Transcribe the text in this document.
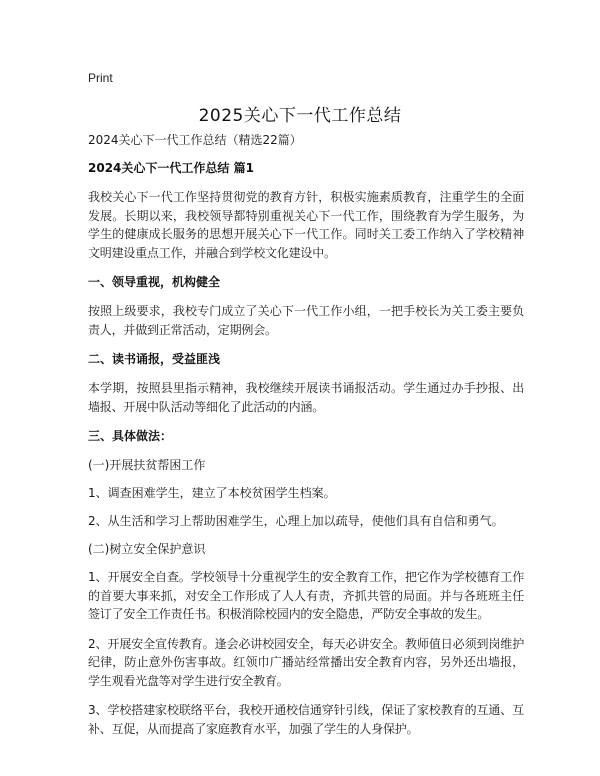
Print
2025关心下一代工作总结

2024关心下一代工作总结（精选22篇）

2024关心下一代工作总结 篇1

我校关心下一代工作坚持贯彻党的教育方针，积极实施素质教育，注重学生的全面发展。长期以来，我校领导都特别重视关心下一代工作，围绕教育为学生服务，为学生的健康成长服务的思想开展关心下一代工作。同时关工委工作纳入了学校精神文明建设重点工作，并融合到学校文化建设中。

一、领导重视，机构健全

按照上级要求，我校专门成立了关心下一代工作小组，一把手校长为关工委主要负责人，并做到正常活动，定期例会。

二、读书诵报，受益匪浅

本学期，按照县里指示精神，我校继续开展读书诵报活动。学生通过办手抄报、出墙报、开展中队活动等细化了此活动的内涵。

三、具体做法：

(一)开展扶贫帮困工作

1、调查困难学生，建立了本校贫困学生档案。

2、从生活和学习上帮助困难学生，心理上加以疏导，使他们具有自信和勇气。

(二)树立安全保护意识

1、开展安全自查。学校领导十分重视学生的安全教育工作，把它作为学校德育工作的首要大事来抓，对安全工作形成了人人有责，齐抓共管的局面。并与各班班主任签订了安全工作责任书。积极消除校园内的安全隐患，严防安全事故的发生。

2、开展安全宣传教育。逢会必讲校园安全，每天必讲安全。教师值日必须到岗维护纪律，防止意外伤害事故。红领巾广播站经常播出安全教育内容，另外还出墙报，学生观看光盘等对学生进行安全教育。

3、学校搭建家校联络平台，我校开通校信通穿针引线，保证了家校教育的互通、互补、互促，从而提高了家庭教育水平，加强了学生的人身保护。
